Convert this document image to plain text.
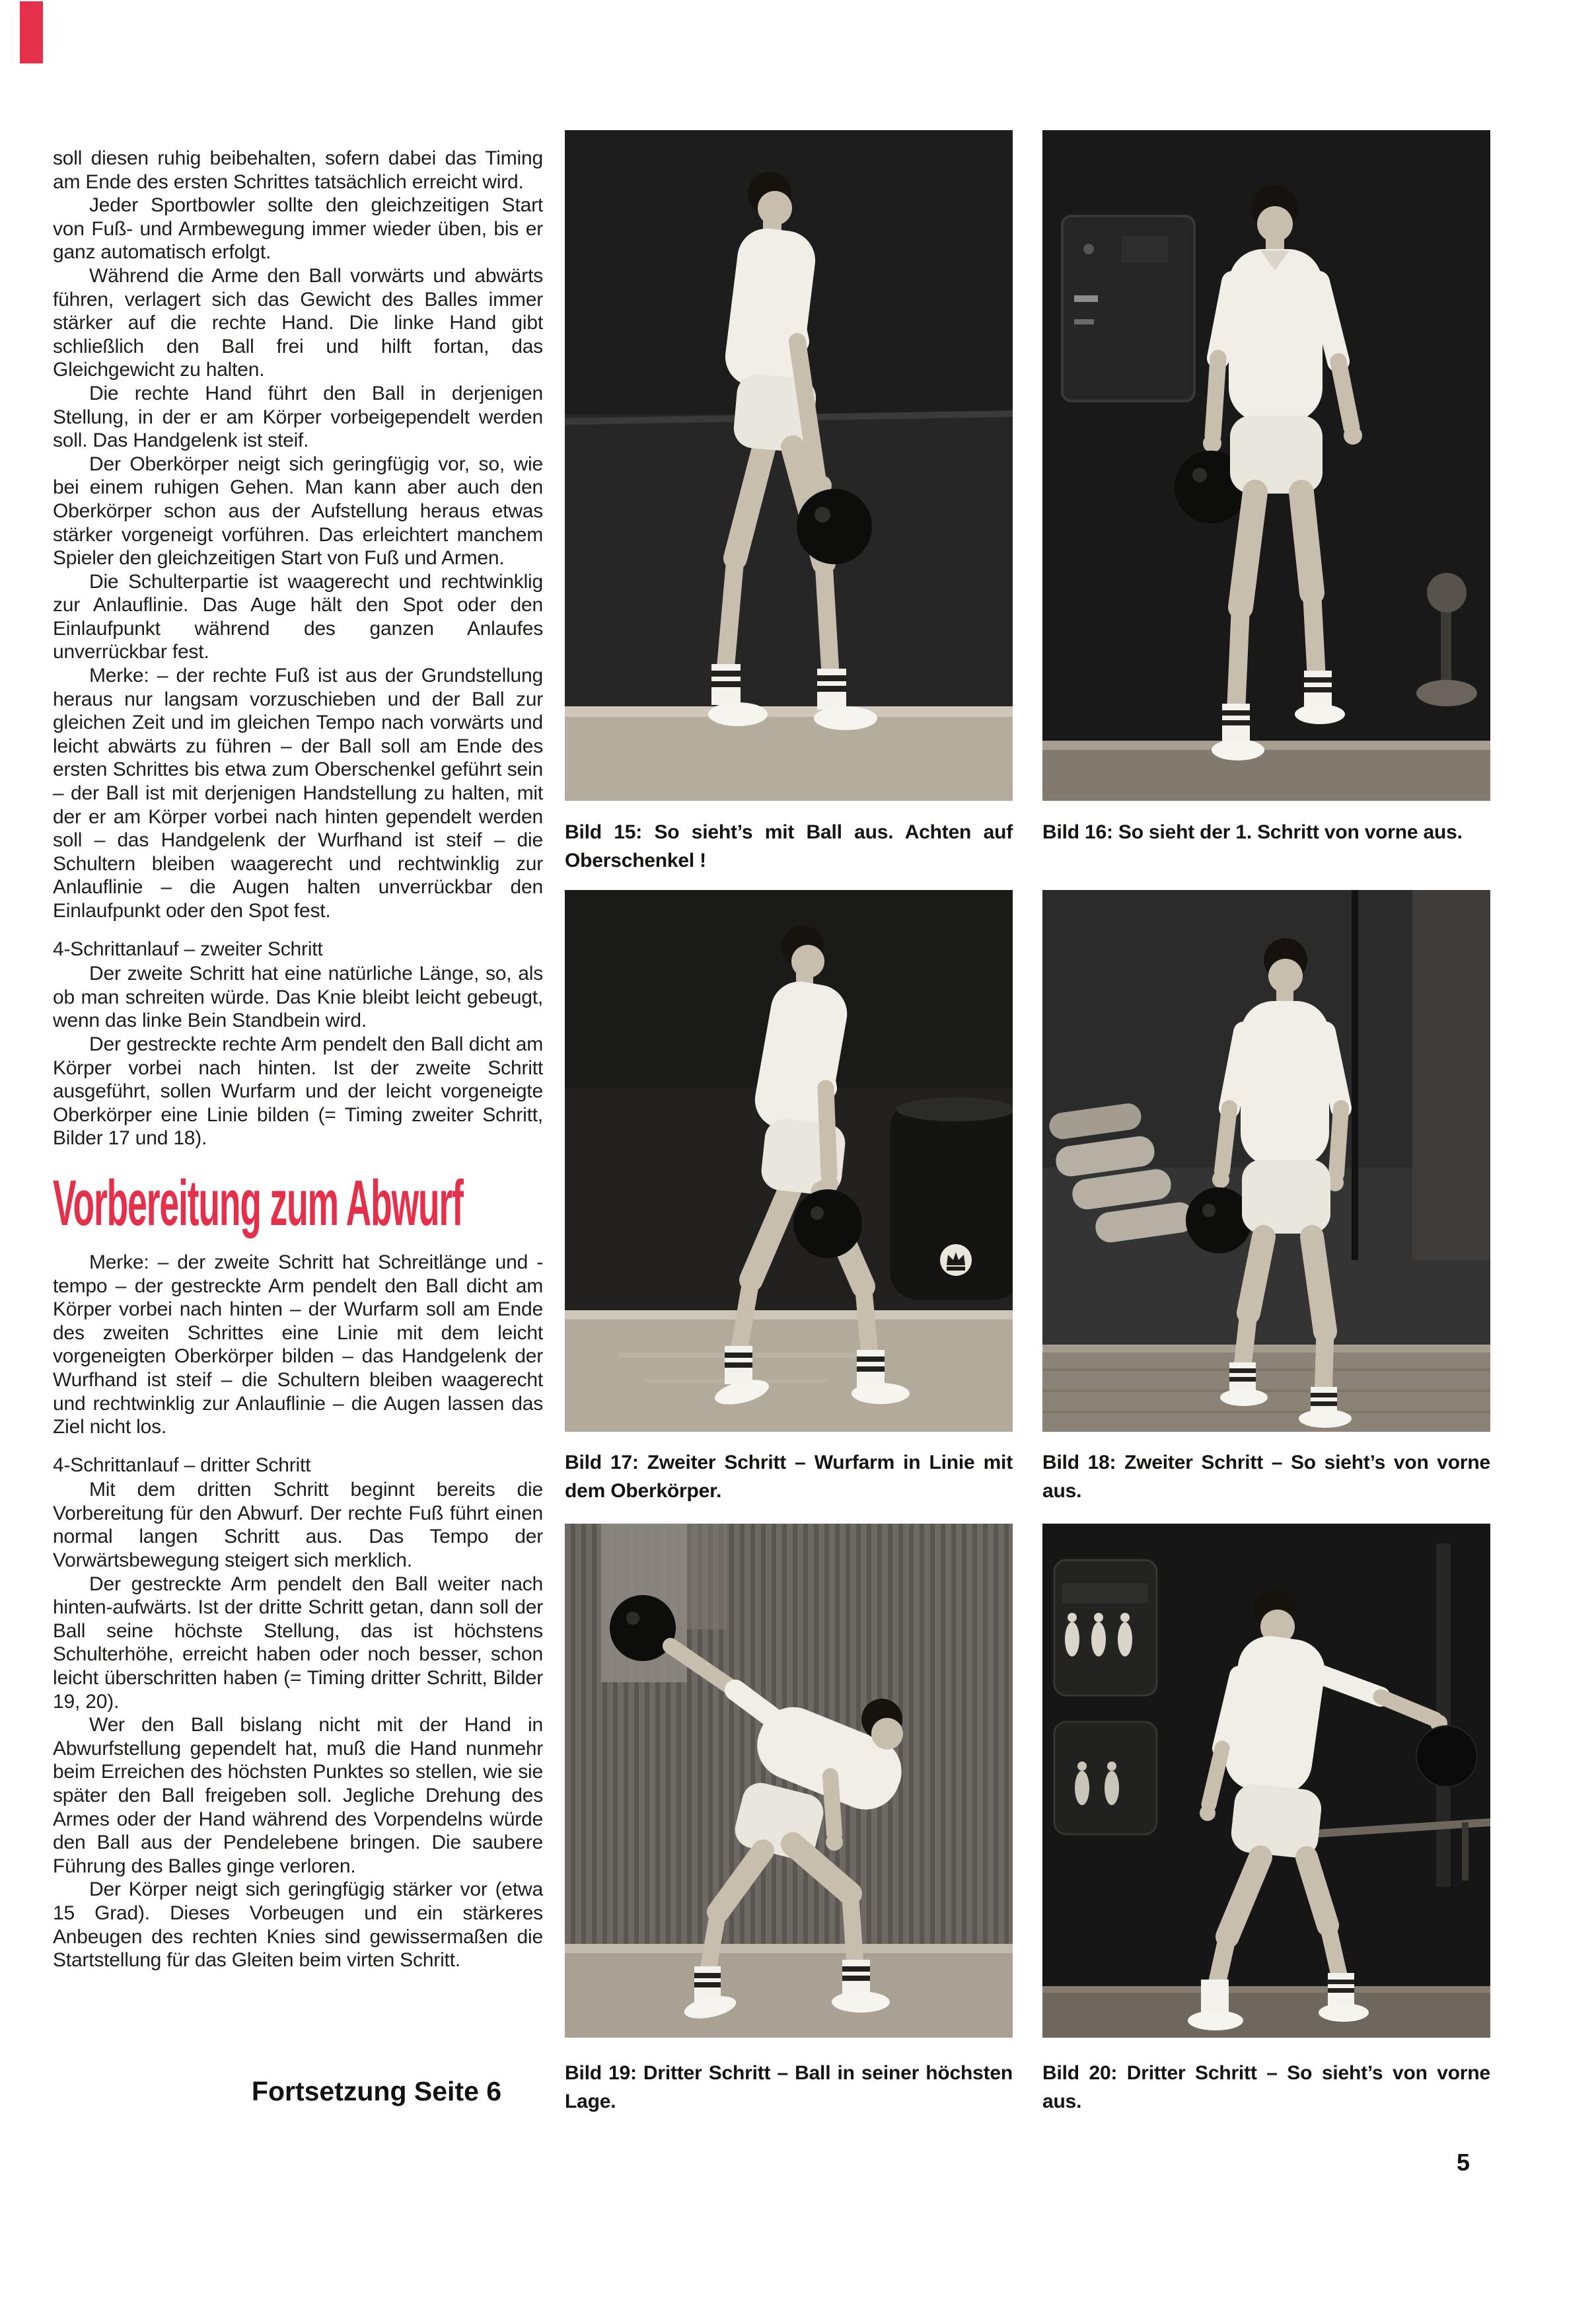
soll diesen ruhig beibehalten, sofern dabei das Timing am Ende des ersten Schrittes tatsächlich erreicht wird.

Jeder Sportbowler sollte den gleichzeitigen Start von Fuß- und Armbewegung immer wieder üben, bis er ganz automatisch erfolgt.

Während die Arme den Ball vorwärts und abwärts führen, verlagert sich das Gewicht des Balles immer stärker auf die rechte Hand. Die linke Hand gibt schließlich den Ball frei und hilft fortan, das Gleichgewicht zu halten.

Die rechte Hand führt den Ball in derjenigen Stellung, in der er am Körper vorbeigependelt werden soll. Das Handgelenk ist steif.

Der Oberkörper neigt sich geringfügig vor, so, wie bei einem ruhigen Gehen. Man kann aber auch den Oberkörper schon aus der Aufstellung heraus etwas stärker vorgeneigt vorführen. Das erleichtert manchem Spieler den gleichzeitigen Start von Fuß und Armen.

Die Schulterpartie ist waagerecht und rechtwinklig zur Anlauflinie. Das Auge hält den Spot oder den Einlaufpunkt während des ganzen Anlaufes unverrückbar fest.

Merke: – der rechte Fuß ist aus der Grundstellung heraus nur langsam vorzuschieben und der Ball zur gleichen Zeit und im gleichen Tempo nach vorwärts und leicht abwärts zu führen – der Ball soll am Ende des ersten Schrittes bis etwa zum Oberschenkel geführt sein – der Ball ist mit derjenigen Handstellung zu halten, mit der er am Körper vorbei nach hinten gependelt werden soll – das Handgelenk der Wurfhand ist steif – die Schultern bleiben waagerecht und rechtwinklig zur Anlauflinie – die Augen halten unverrückbar den Einlaufpunkt oder den Spot fest.

4-Schrittanlauf – zweiter Schritt

Der zweite Schritt hat eine natürliche Länge, so, als ob man schreiten würde. Das Knie bleibt leicht gebeugt, wenn das linke Bein Standbein wird.

Der gestreckte rechte Arm pendelt den Ball dicht am Körper vorbei nach hinten. Ist der zweite Schritt ausgeführt, sollen Wurfarm und der leicht vorgeneigte Oberkörper eine Linie bilden (= Timing zweiter Schritt, Bilder 17 und 18).

Vorbereitung zum Abwurf

Merke: – der zweite Schritt hat Schreitlänge und -tempo – der gestreckte Arm pendelt den Ball dicht am Körper vorbei nach hinten – der Wurfarm soll am Ende des zweiten Schrittes eine Linie mit dem leicht vorgeneigten Oberkörper bilden – das Handgelenk der Wurfhand ist steif – die Schultern bleiben waagerecht und rechtwinklig zur Anlauflinie – die Augen lassen das Ziel nicht los.

4-Schrittanlauf – dritter Schritt

Mit dem dritten Schritt beginnt bereits die Vorbereitung für den Abwurf. Der rechte Fuß führt einen normal langen Schritt aus. Das Tempo der Vorwärtsbewegung steigert sich merklich.

Der gestreckte Arm pendelt den Ball weiter nach hinten-aufwärts. Ist der dritte Schritt getan, dann soll der Ball seine höchste Stellung, das ist höchstens Schulterhöhe, erreicht haben oder noch besser, schon leicht überschritten haben (= Timing dritter Schritt, Bilder 19, 20).

Wer den Ball bislang nicht mit der Hand in Abwurfstellung gependelt hat, muß die Hand nunmehr beim Erreichen des höchsten Punktes so stellen, wie sie später den Ball freigeben soll. Jegliche Drehung des Armes oder der Hand während des Vorpendelns würde den Ball aus der Pendelebene bringen. Die saubere Führung des Balles ginge verloren.

Der Körper neigt sich geringfügig stärker vor (etwa 15 Grad). Dieses Vorbeugen und ein stärkeres Anbeugen des rechten Knies sind gewissermaßen die Startstellung für das Gleiten beim virten Schritt.

Fortsetzung Seite 6
Bild 15: So sieht’s mit Ball aus. Achten auf Oberschenkel !
Bild 16: So sieht der 1. Schritt von vorne aus.
Bild 17: Zweiter Schritt – Wurfarm in Linie mit dem Oberkörper.
Bild 18: Zweiter Schritt – So sieht’s von vorne aus.
Bild 19: Dritter Schritt – Ball in seiner höchsten Lage.
Bild 20: Dritter Schritt – So sieht’s von vorne aus.
5
